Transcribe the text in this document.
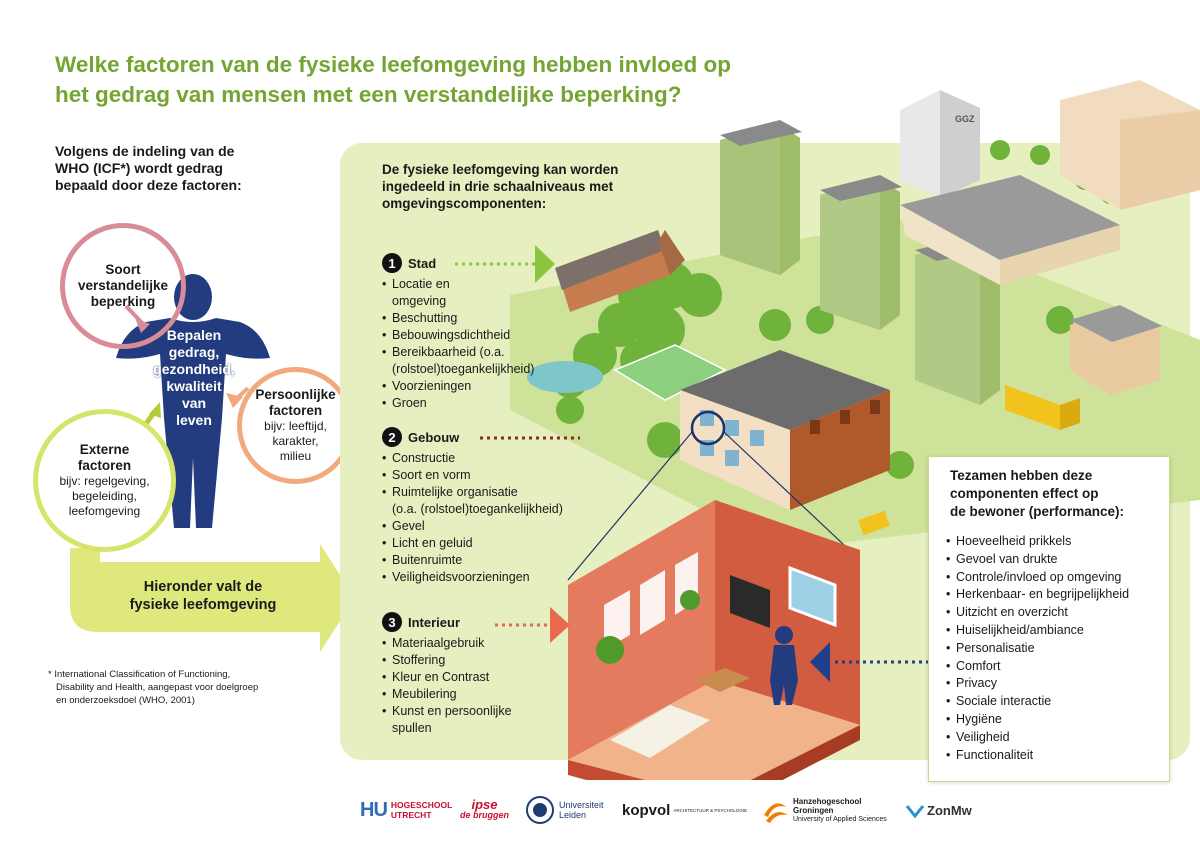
Welke factoren van de fysieke leefomgeving hebben invloed op
het gedrag van mensen met een verstandelijke beperking?
Volgens de indeling van de
WHO (ICF*) wordt gedrag
bepaald door deze factoren:
Soort
verstandelijke
beperking
Bepalen
gedrag,
gezondheid,
kwaliteit
van
leven
Persoonlijke
factoren
bijv: leeftijd,
karakter,
milieu
Externe
factoren
bijv: regelgeving,
begeleiding,
leefomgeving
Hieronder valt de
fysieke leefomgeving
* International Classification of Functioning,
Disability and Health, aangepast voor doelgroep
en onderzoeksdoel (WHO, 2001)
GGZ
De fysieke leefomgeving kan worden
ingedeeld in drie schaalniveaus met
omgevingscomponenten:
1 Stad
• Locatie en
omgeving
• Beschutting
• Bebouwingsdichtheid
• Bereikbaarheid (o.a.
(rolstoel)toegankelijkheid)
• Voorzieningen
• Groen
2 Gebouw
• Constructie
• Soort en vorm
• Ruimtelijke organisatie
(o.a. (rolstoel)toegankelijkheid)
• Gevel
• Licht en geluid
• Buitenruimte
• Veiligheidsvoorzieningen
3 Interieur
• Materiaalgebruik
• Stoffering
• Kleur en Contrast
• Meubilering
• Kunst en persoonlijke
spullen
Tezamen hebben deze
componenten effect op
de bewoner (performance):
• Hoeveelheid prikkels
• Gevoel van drukte
• Controle/invloed op omgeving
• Herkenbaar- en begrijpelijkheid
• Uitzicht en overzicht
• Huiselijkheid/ambiance
• Personalisatie
• Comfort
• Privacy
• Sociale interactie
• Hygiëne
• Veiligheid
• Functionaliteit
HU HOGESCHOOL
UTRECHT
ipse
de bruggen
Universiteit
Leiden	kopvol ARCHITECTUUR & PSYCHOLOGIE
Hanzehogeschool
Groningen
University of Applied Sciences
ZonMw
